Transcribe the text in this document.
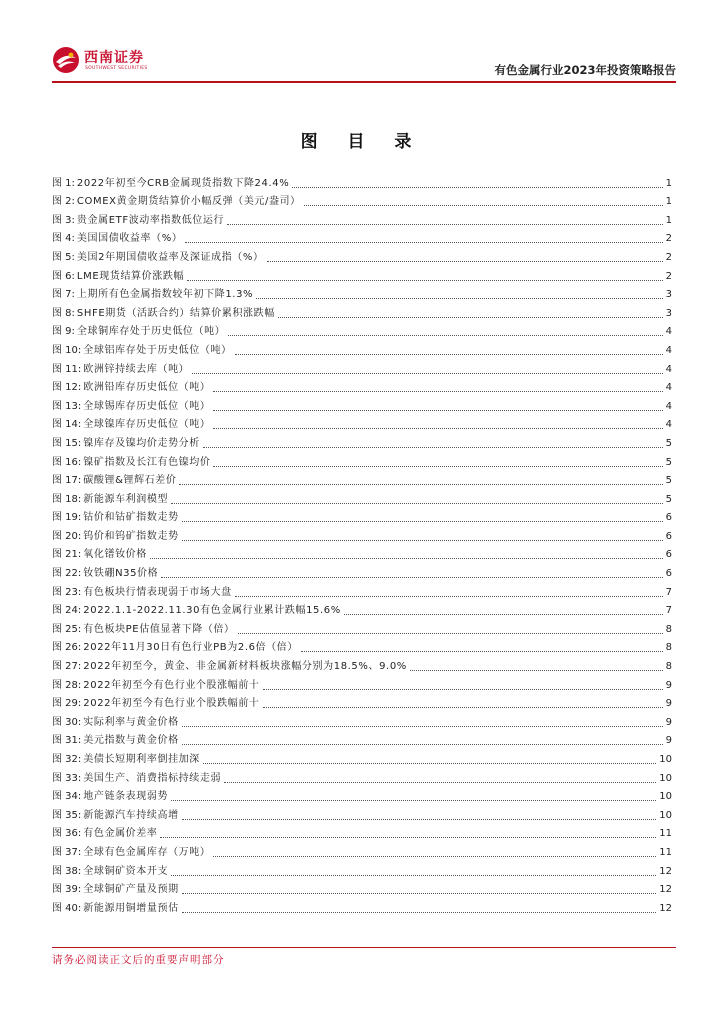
西南证券
SOUTHWEST SECURITIES	有色金属行业2023年投资策略报告
图 目 录
图 1: 2022年初至今CRB金属现货指数下降24.4%	1
图 2: COMEX黄金期货结算价小幅反弹（美元/盎司）	1
图 3: 贵金属ETF波动率指数低位运行	1
图 4: 美国国债收益率（%）	2
图 5: 美国2年期国债收益率及深证成指（%）	2
图 6: LME现货结算价涨跌幅	2
图 7: 上期所有色金属指数较年初下降1.3%	3
图 8: SHFE期货（活跃合约）结算价累积涨跌幅	3
图 9: 全球铜库存处于历史低位（吨）	4
图 10: 全球铝库存处于历史低位（吨）	4
图 11: 欧洲锌持续去库（吨）	4
图 12: 欧洲铅库存历史低位（吨）	4
图 13: 全球锡库存历史低位（吨）	4
图 14: 全球镍库存历史低位（吨）	4
图 15: 镍库存及镍均价走势分析	5
图 16: 镍矿指数及长江有色镍均价	5
图 17: 碳酸锂&锂辉石差价	5
图 18: 新能源车利润模型	5
图 19: 钴价和钴矿指数走势	6
图 20: 钨价和钨矿指数走势	6
图 21: 氧化镨钕价格	6
图 22: 钕铁硼N35价格	6
图 23: 有色板块行情表现弱于市场大盘	7
图 24: 2022.1.1-2022.11.30有色金属行业累计跌幅15.6%	7
图 25: 有色板块PE估值显著下降（倍）	8
图 26: 2022年11月30日有色行业PB为2.6倍（倍）	8
图 27: 2022年初至今，黄金、非金属新材料板块涨幅分别为18.5%、9.0%	8
图 28: 2022年初至今有色行业个股涨幅前十	9
图 29: 2022年初至今有色行业个股跌幅前十	9
图 30: 实际利率与黄金价格	9
图 31: 美元指数与黄金价格	9
图 32: 美债长短期利率倒挂加深	10
图 33: 美国生产、消费指标持续走弱	10
图 34: 地产链条表现弱势	10
图 35: 新能源汽车持续高增	10
图 36: 有色金属价差率	11
图 37: 全球有色金属库存（万吨）	11
图 38: 全球铜矿资本开支	12
图 39: 全球铜矿产量及预期	12
图 40: 新能源用铜增量预估	12
请务必阅读正文后的重要声明部分
